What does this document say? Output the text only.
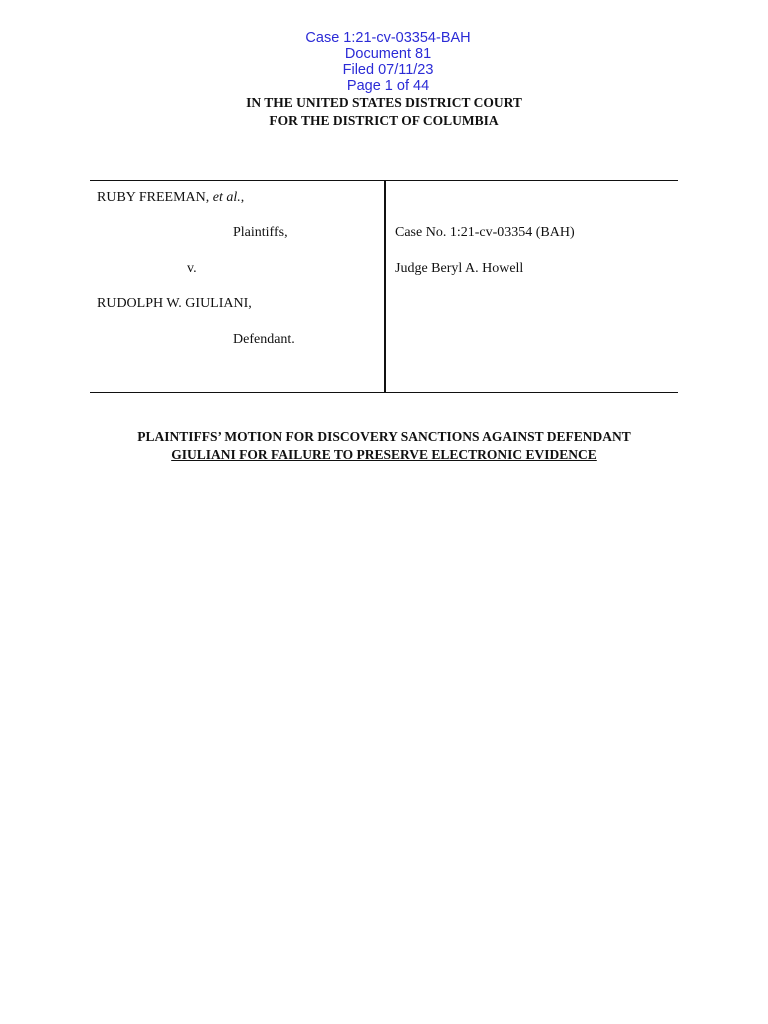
Case 1:21-cv-03354-BAH
Document 81
Filed 07/11/23
Page 1 of 44

IN THE UNITED STATES DISTRICT COURT
FOR THE DISTRICT OF COLUMBIA
RUBY FREEMAN, et al.,
Plaintiffs,
v.
RUDOLPH W. GIULIANI,
Defendant.
Case No. 1:21-cv-03354 (BAH)
Judge Beryl A. Howell
PLAINTIFFS’ MOTION FOR DISCOVERY SANCTIONS AGAINST DEFENDANT
GIULIANI FOR FAILURE TO PRESERVE ELECTRONIC EVIDENCE
